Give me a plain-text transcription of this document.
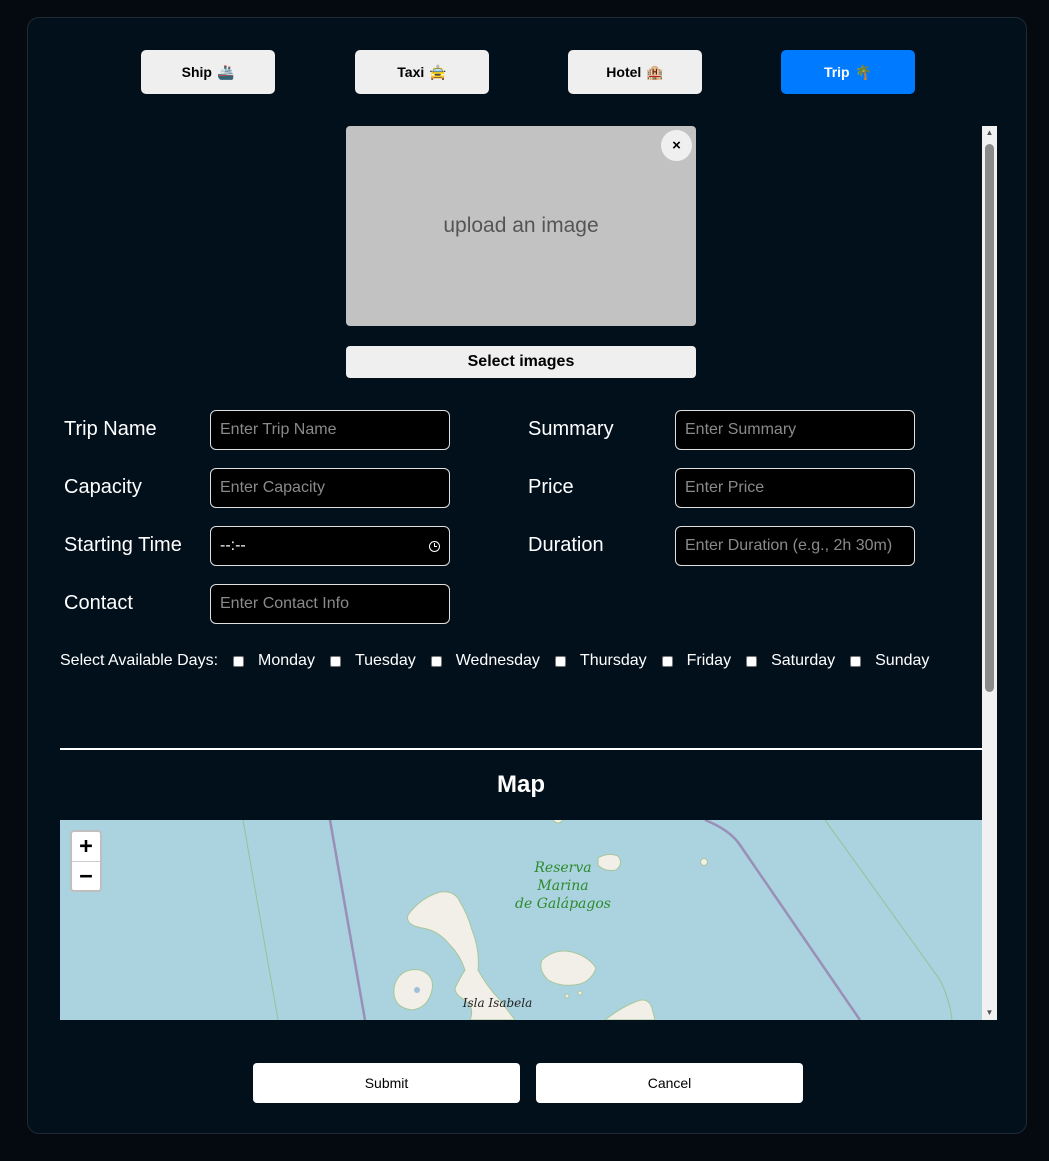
Ship 🚢	Taxi 🚖	Hotel 🏨	Trip 🌴
upload an image
×
Select images
Trip Name	Enter Trip Name	Summary	Enter Summary
Capacity	Enter Capacity	Price	Enter Price
Starting Time --:--	Duration	Enter Duration (e.g., 2h 30m)
Contact	Enter Contact Info
Select Available Days:	Monday	Tuesday	Wednesday	Thursday	Friday	Saturday	Sunday
Map
+
−	Reserva
Marina
de Galápagos
Isla Isabela
▲
▼
Submit	Cancel
